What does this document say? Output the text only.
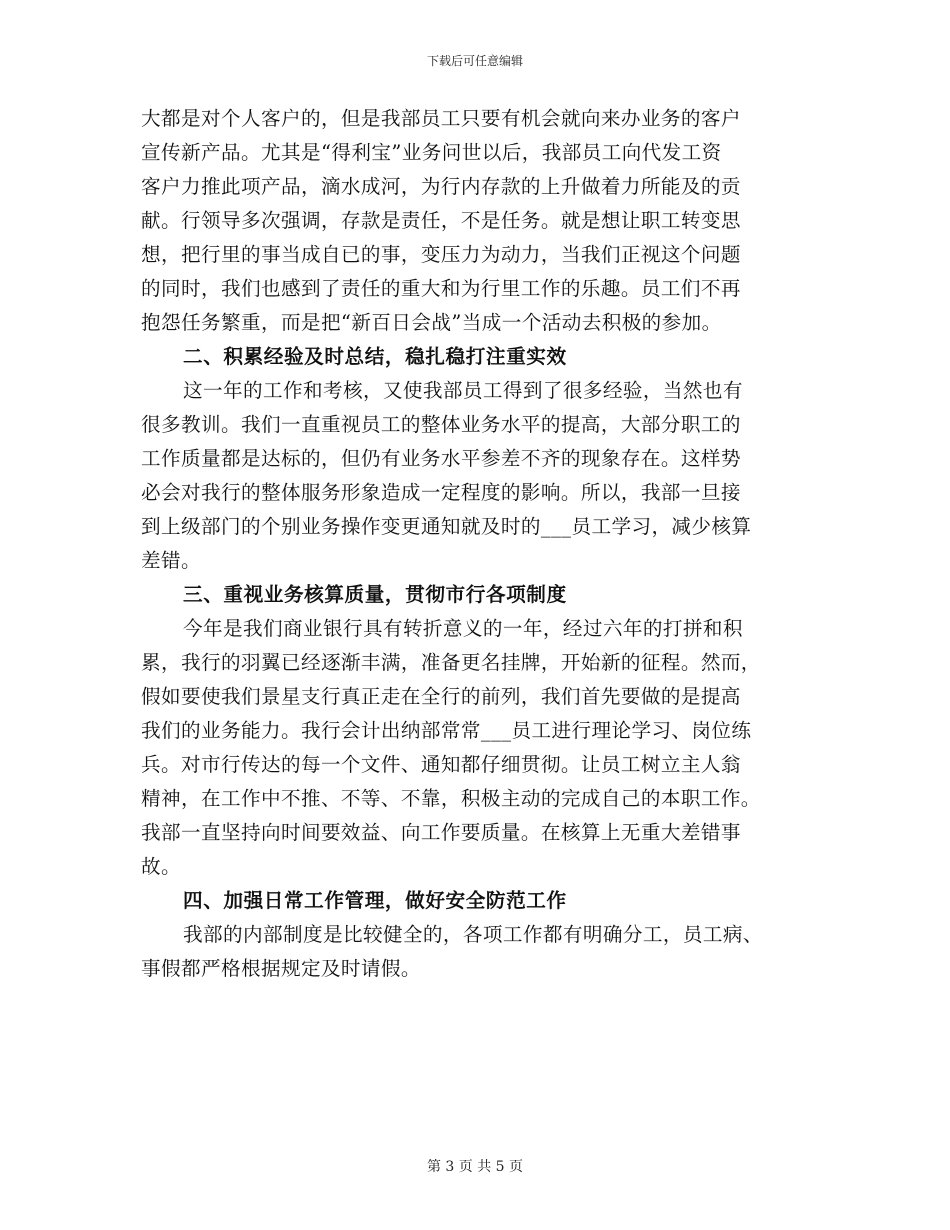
下载后可任意编辑
大都是对个人客户的，但是我部员工只要有机会就向来办业务的客户
宣传新产品。尤其是“得利宝”业务问世以后，我部员工向代发工资
客户力推此项产品，滴水成河，为行内存款的上升做着力所能及的贡
献。行领导多次强调，存款是责任，不是任务。就是想让职工转变思
想，把行里的事当成自已的事，变压力为动力，当我们正视这个问题
的同时，我们也感到了责任的重大和为行里工作的乐趣。员工们不再
抱怨任务繁重，而是把“新百日会战”当成一个活动去积极的参加。
二、积累经验及时总结，稳扎稳打注重实效
这一年的工作和考核，又使我部员工得到了很多经验，当然也有
很多教训。我们一直重视员工的整体业务水平的提高，大部分职工的
工作质量都是达标的，但仍有业务水平参差不齐的现象存在。这样势
必会对我行的整体服务形象造成一定程度的影响。所以，我部一旦接
到上级部门的个别业务操作变更通知就及时的___员工学习，减少核算
差错。
三、重视业务核算质量，贯彻市行各项制度
今年是我们商业银行具有转折意义的一年，经过六年的打拼和积
累，我行的羽翼已经逐渐丰满，准备更名挂牌，开始新的征程。然而，
假如要使我们景星支行真正走在全行的前列，我们首先要做的是提高
我们的业务能力。我行会计出纳部常常___员工进行理论学习、岗位练
兵。对市行传达的每一个文件、通知都仔细贯彻。让员工树立主人翁
精神，在工作中不推、不等、不靠，积极主动的完成自己的本职工作。
我部一直坚持向时间要效益、向工作要质量。在核算上无重大差错事
故。
四、加强日常工作管理，做好安全防范工作
我部的内部制度是比较健全的，各项工作都有明确分工，员工病、
事假都严格根据规定及时请假。
第 3 页 共 5 页
